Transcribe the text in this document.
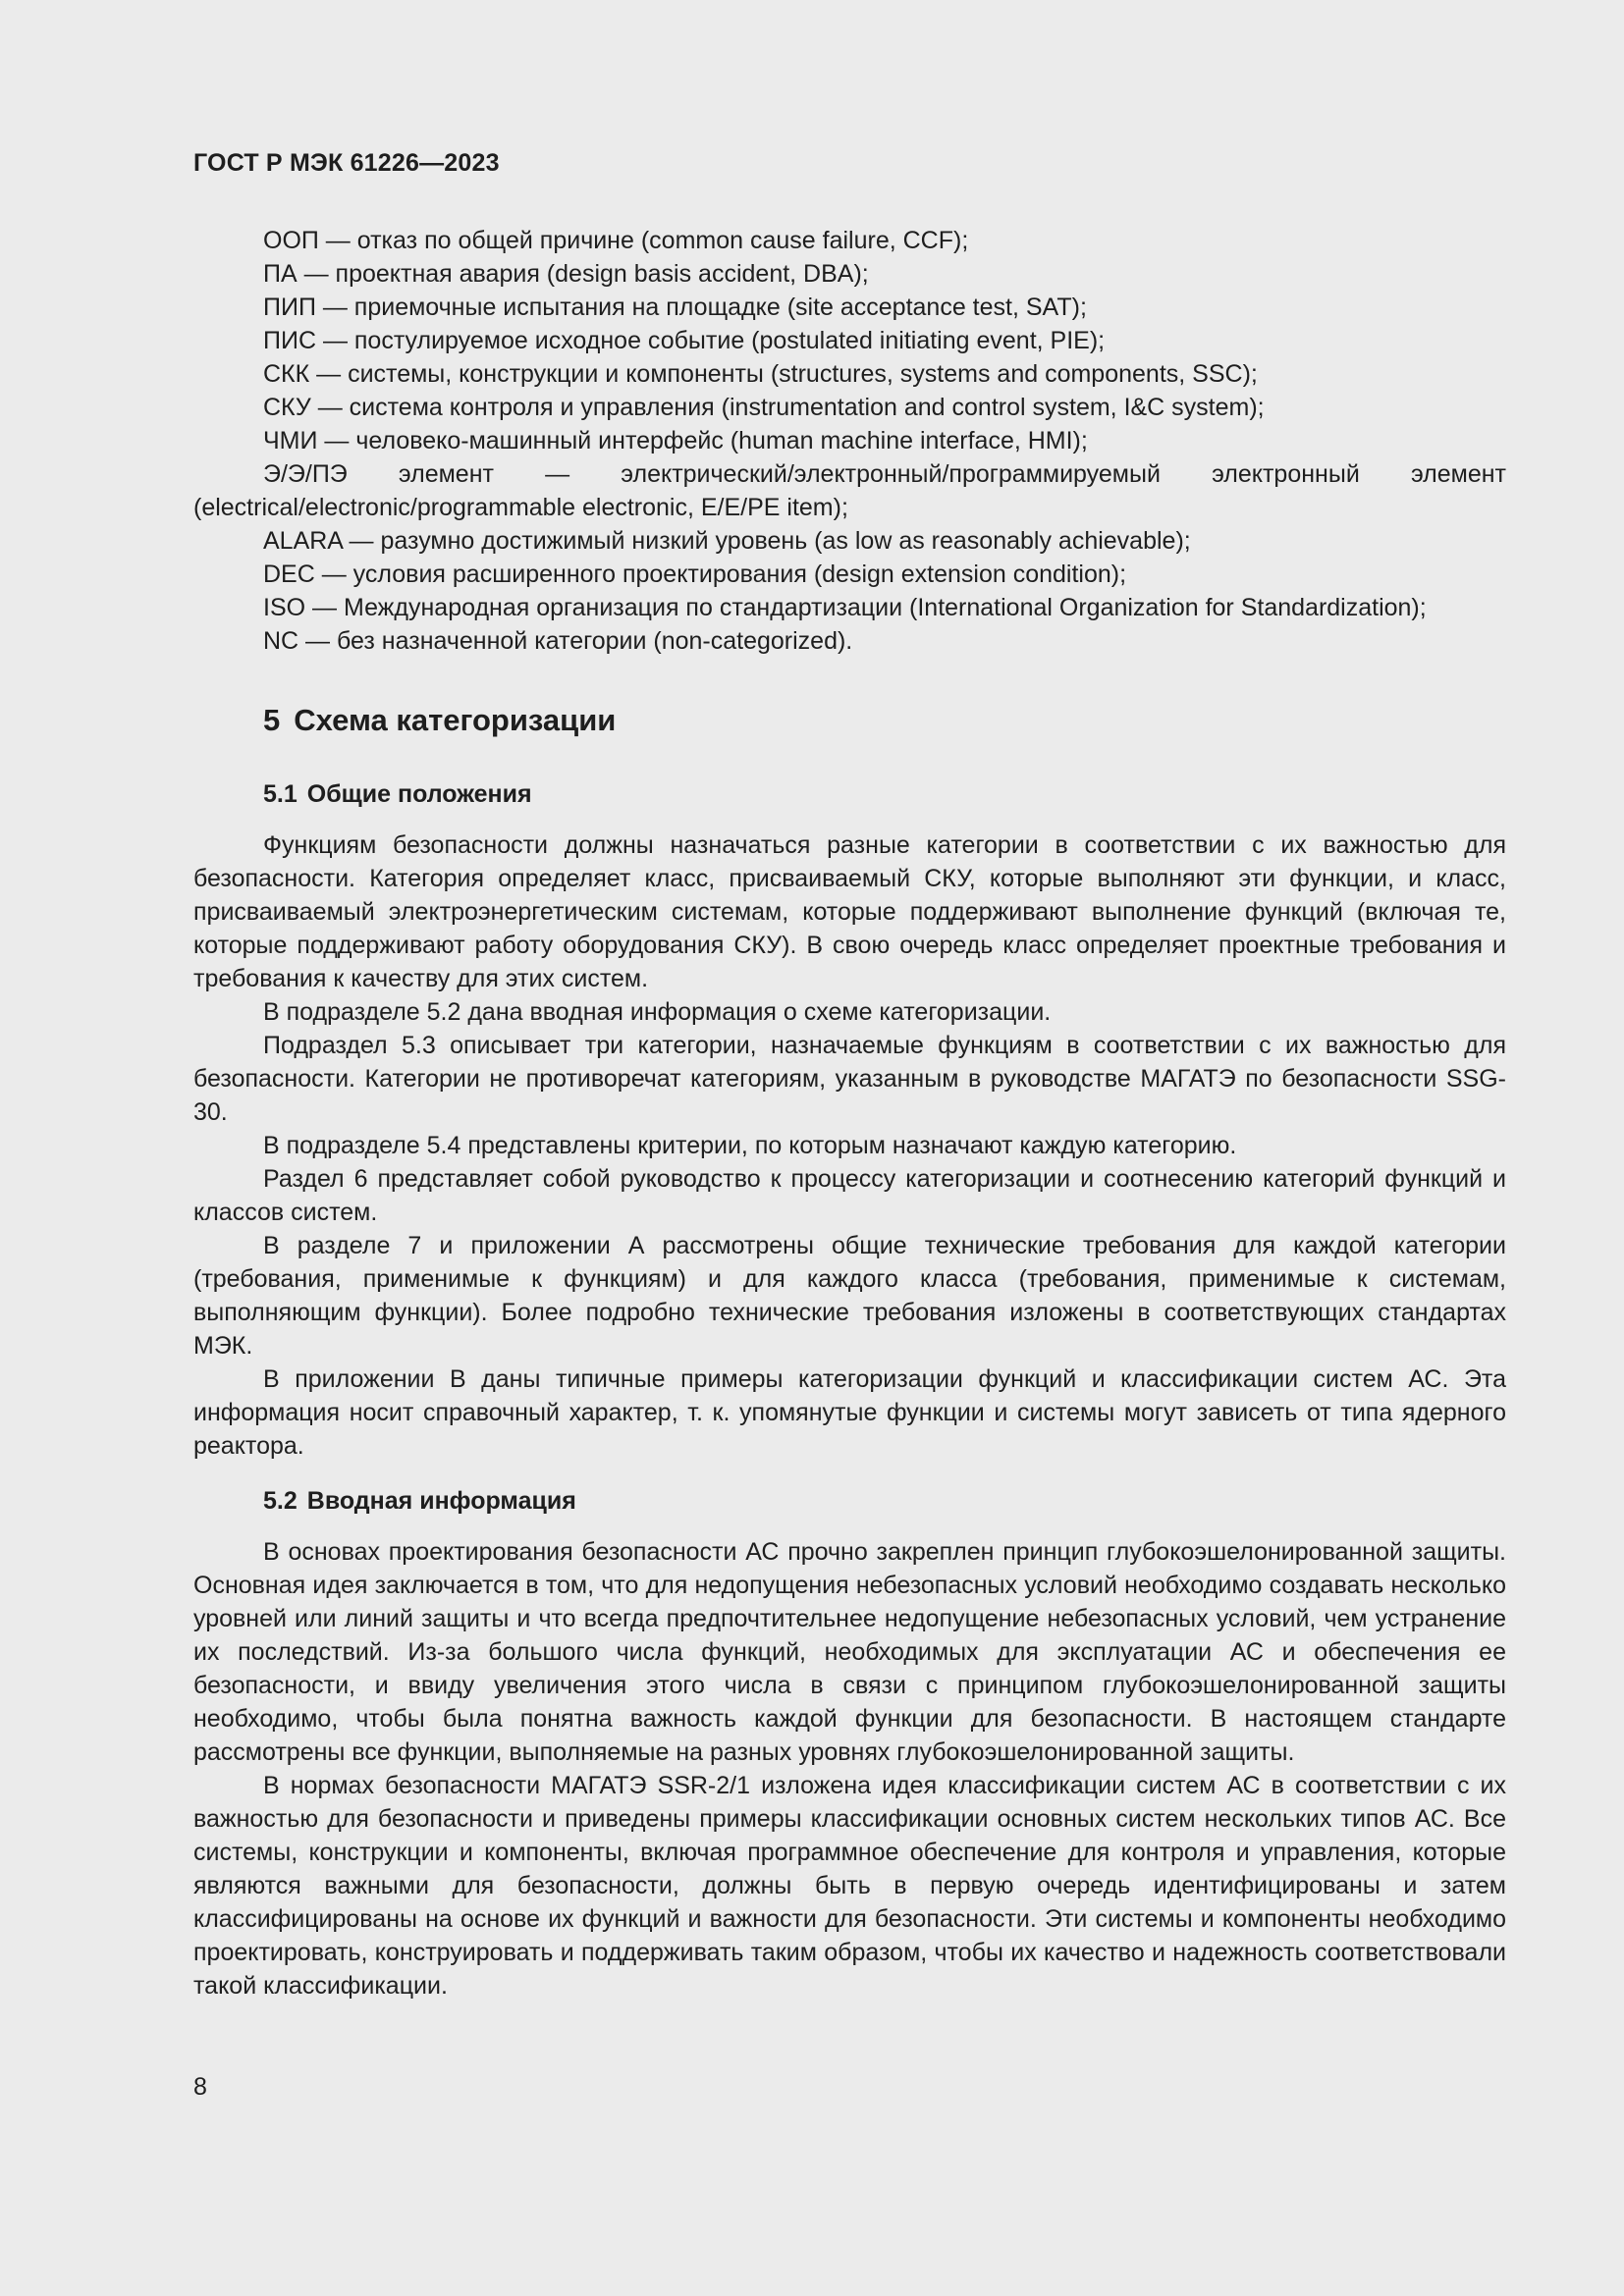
ГОСТ Р МЭК 61226—2023

ООП — отказ по общей причине (common cause failure, CCF);

ПА — проектная авария (design basis accident, DBA);

ПИП — приемочные испытания на площадке (site acceptance test, SAT);

ПИС — постулируемое исходное событие (postulated initiating event, PIE);

СКК — системы, конструкции и компоненты (structures, systems and components, SSC);

СКУ — система контроля и управления (instrumentation and control system, I&C system);

ЧМИ — человеко-машинный интерфейс (human machine interface, HMI);

Э/Э/ПЭ элемент — электрический/электронный/программируемый электронный элемент (electrical/electronic/programmable electronic, E/E/PE item);

ALARA — разумно достижимый низкий уровень (as low as reasonably achievable);

DEC — условия расширенного проектирования (design extension condition);

ISO — Международная организация по стандартизации (International Organization for Standardization);

NC — без назначенной категории (non-categorized).

5 Схема категоризации
5.1 Общие положения

Функциям безопасности должны назначаться разные категории в соответствии с их важностью для безопасности. Категория определяет класс, присваиваемый СКУ, которые выполняют эти функции, и класс, присваиваемый электроэнергетическим системам, которые поддерживают выполнение функций (включая те, которые поддерживают работу оборудования СКУ). В свою очередь класс определяет проектные требования и требования к качеству для этих систем.

В подразделе 5.2 дана вводная информация о схеме категоризации.

Подраздел 5.3 описывает три категории, назначаемые функциям в соответствии с их важностью для безопасности. Категории не противоречат категориям, указанным в руководстве МАГАТЭ по безопасности SSG-30.

В подразделе 5.4 представлены критерии, по которым назначают каждую категорию.

Раздел 6 представляет собой руководство к процессу категоризации и соотнесению категорий функций и классов систем.

В разделе 7 и приложении А рассмотрены общие технические требования для каждой категории (требования, применимые к функциям) и для каждого класса (требования, применимые к системам, выполняющим функции). Более подробно технические требования изложены в соответствующих стандартах МЭК.

В приложении В даны типичные примеры категоризации функций и классификации систем АС. Эта информация носит справочный характер, т. к. упомянутые функции и системы могут зависеть от типа ядерного реактора.

5.2 Вводная информация

В основах проектирования безопасности АС прочно закреплен принцип глубокоэшелонированной защиты. Основная идея заключается в том, что для недопущения небезопасных условий необходимо создавать несколько уровней или линий защиты и что всегда предпочтительнее недопущение небезопасных условий, чем устранение их последствий. Из-за большого числа функций, необходимых для эксплуатации АС и обеспечения ее безопасности, и ввиду увеличения этого числа в связи с принципом глубокоэшелонированной защиты необходимо, чтобы была понятна важность каждой функции для безопасности. В настоящем стандарте рассмотрены все функции, выполняемые на разных уровнях глубокоэшелонированной защиты.

В нормах безопасности МАГАТЭ SSR-2/1 изложена идея классификации систем АС в соответствии с их важностью для безопасности и приведены примеры классификации основных систем нескольких типов АС. Все системы, конструкции и компоненты, включая программное обеспечение для контроля и управления, которые являются важными для безопасности, должны быть в первую очередь идентифицированы и затем классифицированы на основе их функций и важности для безопасности. Эти системы и компоненты необходимо проектировать, конструировать и поддерживать таким образом, чтобы их качество и надежность соответствовали такой классификации.

8
